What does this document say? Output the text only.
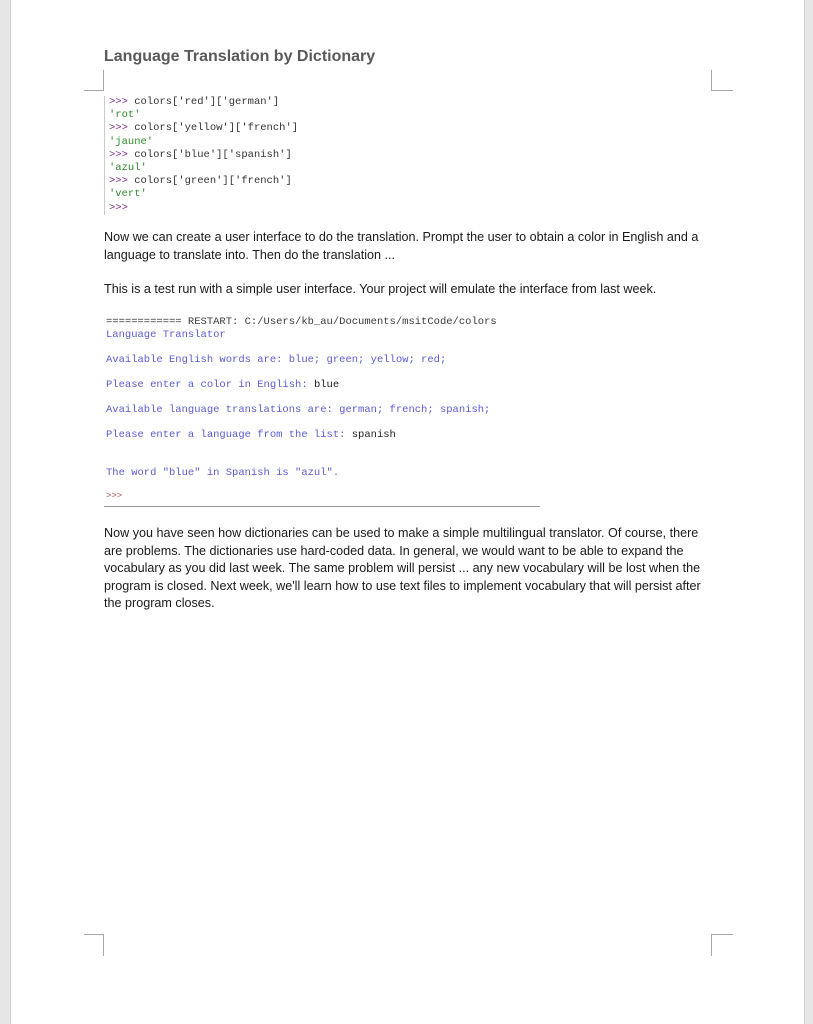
Language Translation by Dictionary
>>> colors['red']['german']
'rot'
>>> colors['yellow']['french']
'jaune'
>>> colors['blue']['spanish']
'azul'
>>> colors['green']['french']
'vert'
>>>

Now we can create a user interface to do the translation. Prompt the user to obtain a color in English and a language to translate into. Then do the translation ...

This is a test run with a simple user interface. Your project will emulate the interface from last week.

============ RESTART: C:/Users/kb_au/Documents/msitCode/colors
Language Translator
Available English words are: blue; green; yellow; red;
Please enter a color in English: blue
Available language translations are: german; french; spanish;
Please enter a language from the list: spanish
The word "blue" in Spanish is "azul".
>>>

Now you have seen how dictionaries can be used to make a simple multilingual translator. Of course, there are problems. The dictionaries use hard-coded data. In general, we would want to be able to expand the vocabulary as you did last week. The same problem will persist ... any new vocabulary will be lost when the program is closed. Next week, we'll learn how to use text files to implement vocabulary that will persist after the program closes.
